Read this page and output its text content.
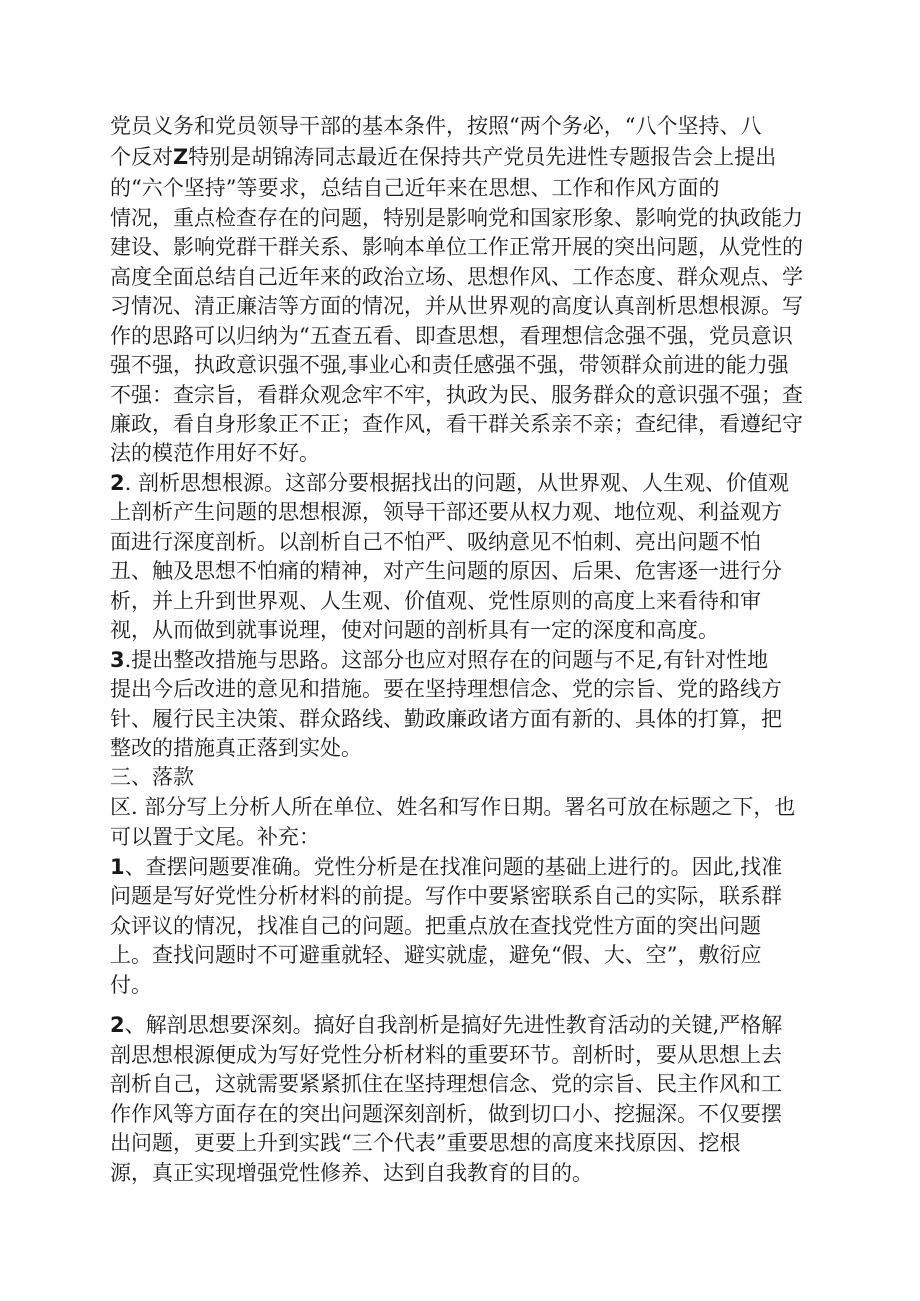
党员义务和党员领导干部的基本条件，按照“两个务必，“八个坚持、八
个反对Z特别是胡锦涛同志最近在保持共产党员先进性专题报告会上提出
的“六个坚持”等要求，总结自己近年来在思想、工作和作风方面的
情况，重点检查存在的问题，特别是影响党和国家形象、影响党的执政能力
建设、影响党群干群关系、影响本单位工作正常开展的突出问题，从党性的
高度全面总结自己近年来的政治立场、思想作风、工作态度、群众观点、学
习情况、清正廉洁等方面的情况，并从世界观的高度认真剖析思想根源。写
作的思路可以归纳为“五查五看、即查思想，看理想信念强不强，党员意识
强不强，执政意识强不强,事业心和责任感强不强，带领群众前进的能力强
不强：查宗旨，看群众观念牢不牢，执政为民、服务群众的意识强不强；查
廉政，看自身形象正不正；查作风，看干群关系亲不亲；查纪律，看遵纪守
法的模范作用好不好。
2. 剖析思想根源。这部分要根据找出的问题，从世界观、人生观、价值观
上剖析产生问题的思想根源，领导干部还要从权力观、地位观、利益观方
面进行深度剖析。以剖析自己不怕严、吸纳意见不怕刺、亮出问题不怕
丑、触及思想不怕痛的精神，对产生问题的原因、后果、危害逐一进行分
析，并上升到世界观、人生观、价值观、党性原则的高度上来看待和审
视，从而做到就事说理，使对问题的剖析具有一定的深度和高度。
3.提出整改措施与思路。这部分也应对照存在的问题与不足,有针对性地
提出今后改进的意见和措施。要在坚持理想信念、党的宗旨、党的路线方
针、履行民主决策、群众路线、勤政廉政诸方面有新的、具体的打算，把
整改的措施真正落到实处。
三、落款
区. 部分写上分析人所在单位、姓名和写作日期。署名可放在标题之下，也
可以置于文尾。补充：
1、查摆问题要准确。党性分析是在找准问题的基础上进行的。因此,找准
问题是写好党性分析材料的前提。写作中要紧密联系自己的实际，联系群
众评议的情况，找准自己的问题。把重点放在查找党性方面的突出问题
上。查找问题时不可避重就轻、避实就虚，避免“假、大、空”，敷衍应
付。
2、解剖思想要深刻。搞好自我剖析是搞好先进性教育活动的关键,严格解
剖思想根源便成为写好党性分析材料的重要环节。剖析时，要从思想上去
剖析自己，这就需要紧紧抓住在坚持理想信念、党的宗旨、民主作风和工
作作风等方面存在的突出问题深刻剖析，做到切口小、挖掘深。不仅要摆
出问题，更要上升到实践“三个代表”重要思想的高度来找原因、挖根
源，真正实现增强党性修养、达到自我教育的目的。
